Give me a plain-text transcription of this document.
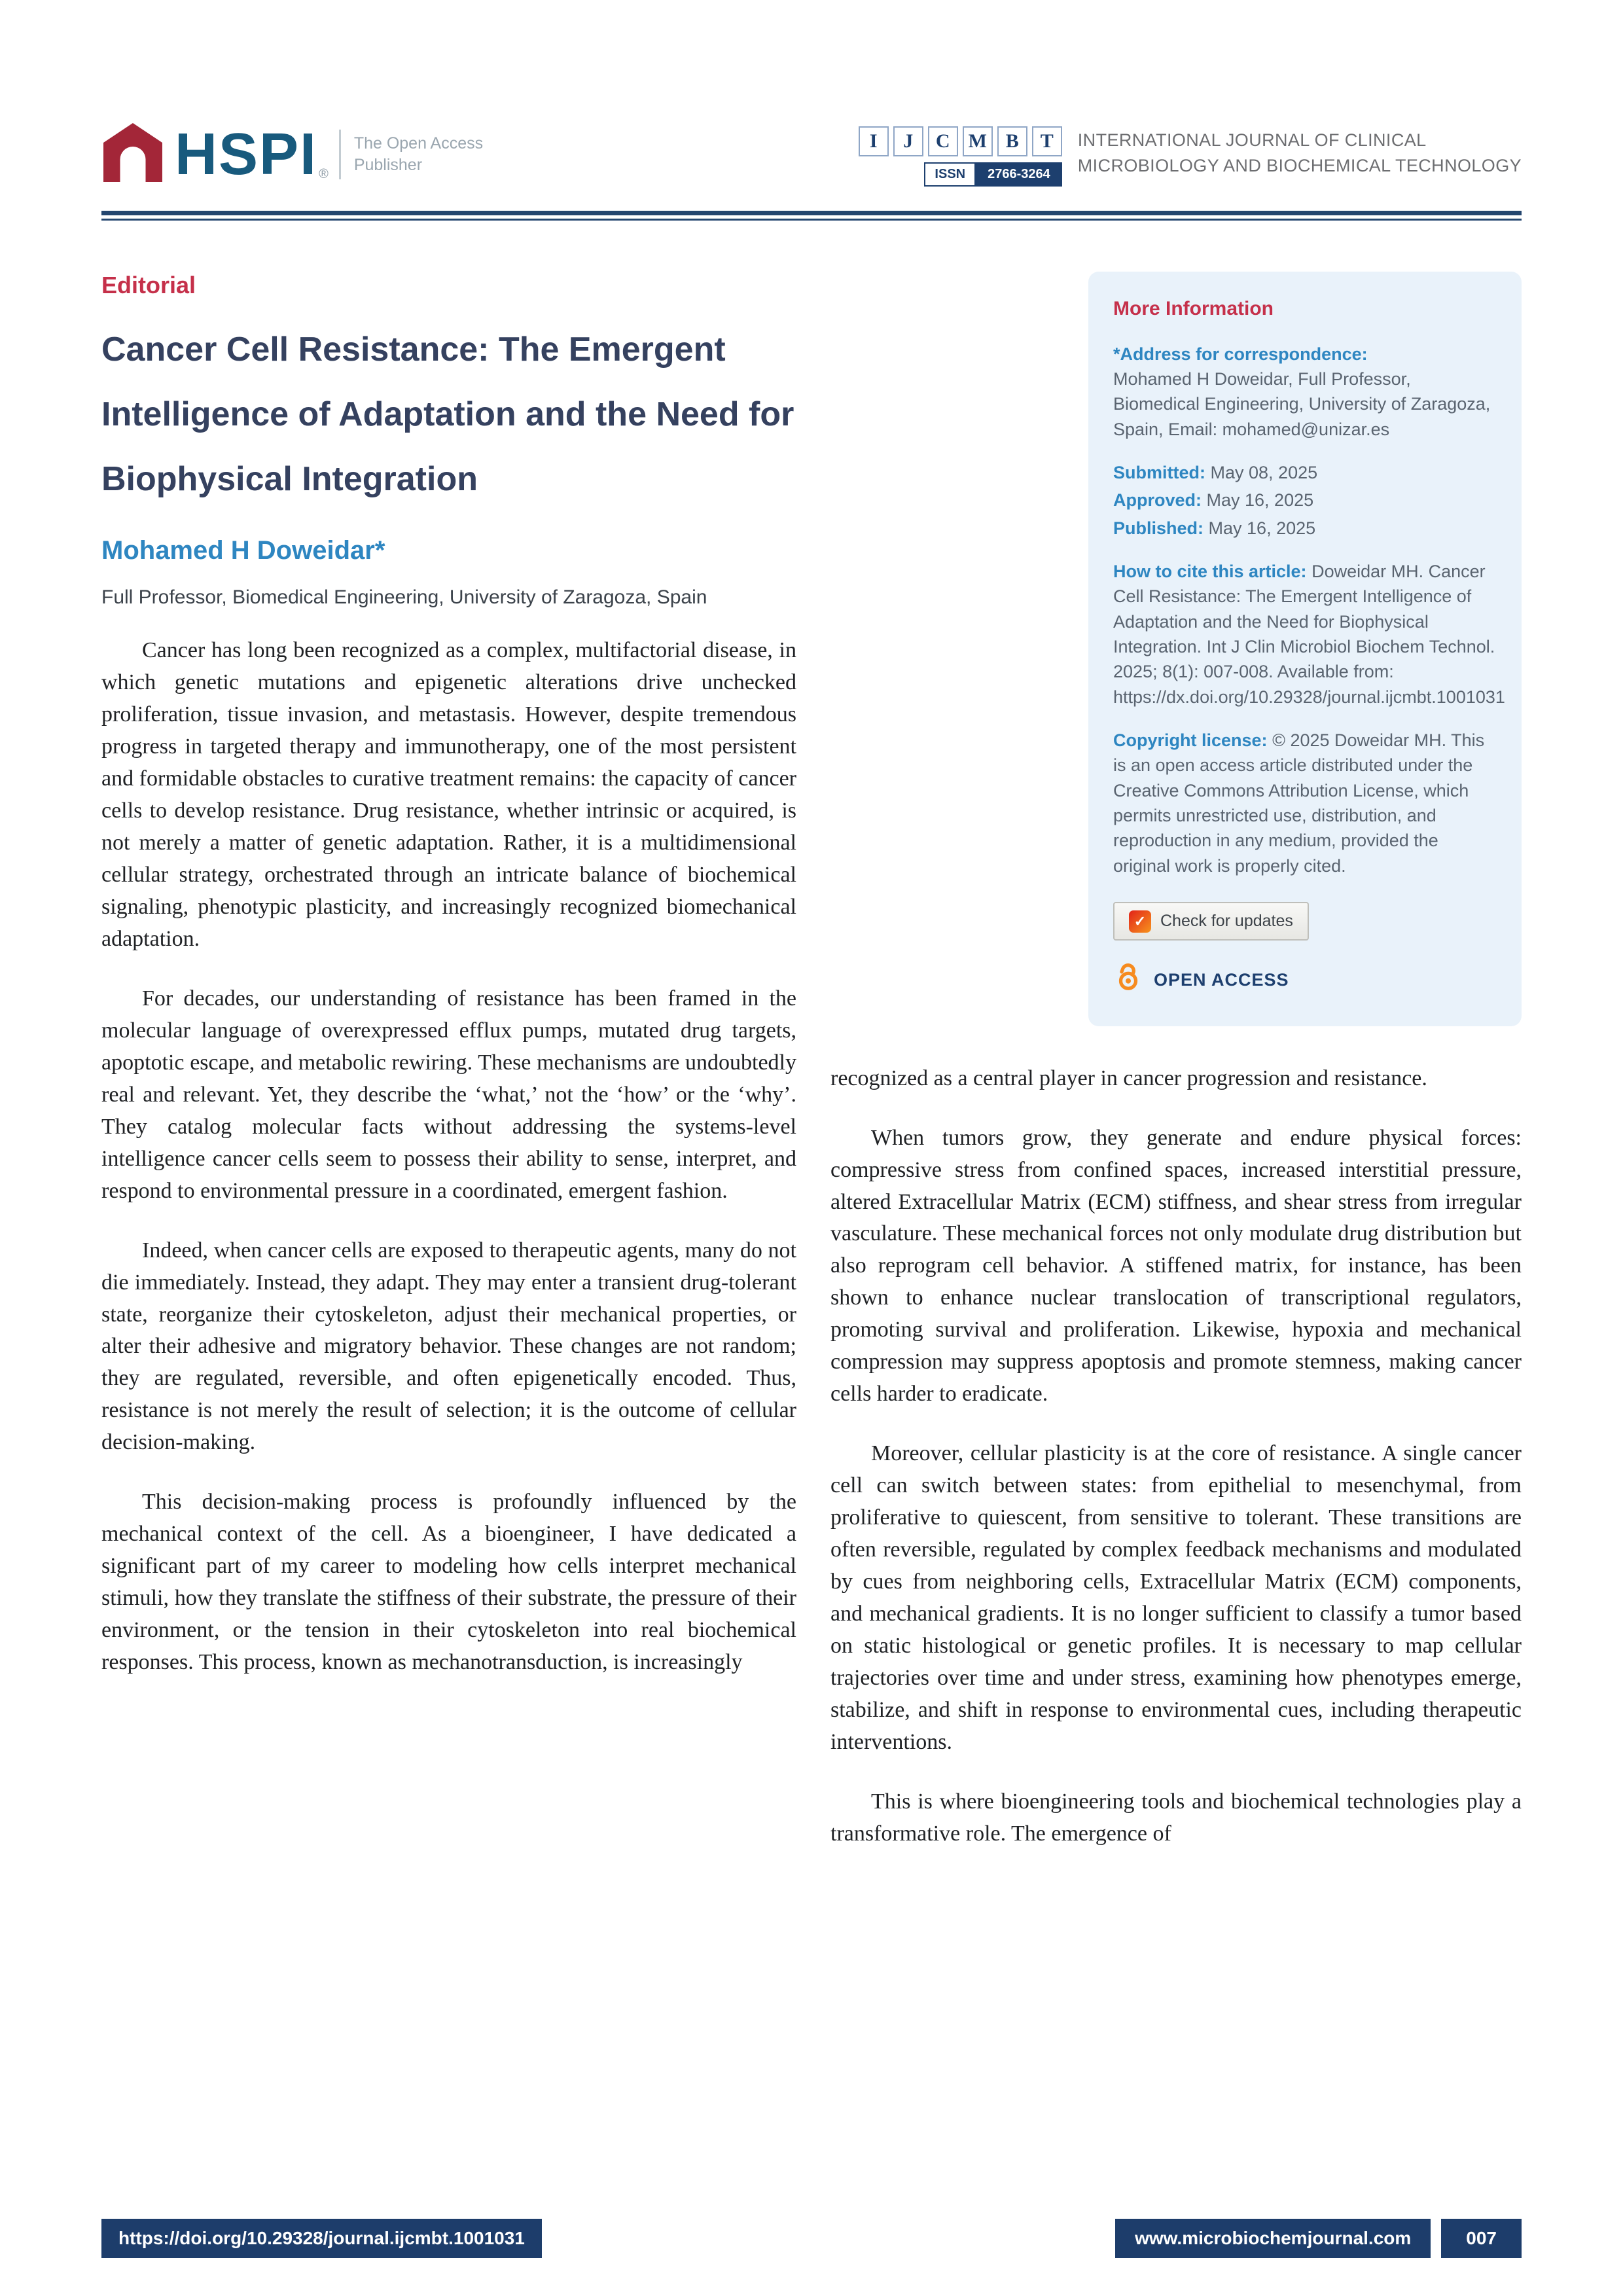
HSPI ®
The Open Access
Publisher
I	J	C M B	T
ISSN	2766-3264
INTERNATIONAL JOURNAL OF CLINICAL
MICROBIOLOGY AND BIOCHEMICAL TECHNOLOGY
Editorial
Cancer Cell Resistance: The Emergent Intelligence of Adaptation and the Need for Biophysical Integration
Mohamed H Doweidar*
Full Professor, Biomedical Engineering, University of Zaragoza, Spain

Cancer has long been recognized as a complex, multifactorial disease, in which genetic mutations and epigenetic alterations drive unchecked proliferation, tissue invasion, and metastasis. However, despite tremendous progress in targeted therapy and immunotherapy, one of the most persistent and formidable obstacles to curative treatment remains: the capacity of cancer cells to develop resistance. Drug resistance, whether intrinsic or acquired, is not merely a matter of genetic adaptation. Rather, it is a multidimensional cellular strategy, orchestrated through an intricate balance of biochemical signaling, phenotypic plasticity, and increasingly recognized biomechanical adaptation.

For decades, our understanding of resistance has been framed in the molecular language of overexpressed efflux pumps, mutated drug targets, apoptotic escape, and metabolic rewiring. These mechanisms are undoubtedly real and relevant. Yet, they describe the ‘what,’ not the ‘how’ or the ‘why’. They catalog molecular facts without addressing the systems-level intelligence cancer cells seem to possess their ability to sense, interpret, and respond to environmental pressure in a coordinated, emergent fashion.

Indeed, when cancer cells are exposed to therapeutic agents, many do not die immediately. Instead, they adapt. They may enter a transient drug-tolerant state, reorganize their cytoskeleton, adjust their mechanical properties, or alter their adhesive and migratory behavior. These changes are not random; they are regulated, reversible, and often epigenetically encoded. Thus, resistance is not merely the result of selection; it is the outcome of cellular decision-making.

This decision-making process is profoundly influenced by the mechanical context of the cell. As a bioengineer, I have dedicated a significant part of my career to modeling how cells interpret mechanical stimuli, how they translate the stiffness of their substrate, the pressure of their environment, or the tension in their cytoskeleton into real biochemical responses. This process, known as mechanotransduction, is increasingly

More Information
*Address for correspondence:
Mohamed H Doweidar, Full Professor, Biomedical Engineering, University of Zaragoza, Spain, Email: mohamed@unizar.es
Submitted: May 08, 2025
Approved: May 16, 2025
Published: May 16, 2025

How to cite this article: Doweidar MH. Cancer Cell Resistance: The Emergent Intelligence of Adaptation and the Need for Biophysical Integration. Int J Clin Microbiol Biochem Technol. 2025; 8(1): 007-008. Available from: https://dx.doi.org/10.29328/journal.ijcmbt.1001031

Copyright license: © 2025 Doweidar MH. This is an open access article distributed under the Creative Commons Attribution License, which permits unrestricted use, distribution, and reproduction in any medium, provided the original work is properly cited.

✓ Check for updates
OPEN ACCESS

recognized as a central player in cancer progression and resistance.

When tumors grow, they generate and endure physical forces: compressive stress from confined spaces, increased interstitial pressure, altered Extracellular Matrix (ECM) stiffness, and shear stress from irregular vasculature. These mechanical forces not only modulate drug distribution but also reprogram cell behavior. A stiffened matrix, for instance, has been shown to enhance nuclear translocation of transcriptional regulators, promoting survival and proliferation. Likewise, hypoxia and mechanical compression may suppress apoptosis and promote stemness, making cancer cells harder to eradicate.

Moreover, cellular plasticity is at the core of resistance. A single cancer cell can switch between states: from epithelial to mesenchymal, from proliferative to quiescent, from sensitive to tolerant. These transitions are often reversible, regulated by complex feedback mechanisms and modulated by cues from neighboring cells, Extracellular Matrix (ECM) components, and mechanical gradients. It is no longer sufficient to classify a tumor based on static histological or genetic profiles. It is necessary to map cellular trajectories over time and under stress, examining how phenotypes emerge, stabilize, and shift in response to environmental cues, including therapeutic interventions.

This is where bioengineering tools and biochemical technologies play a transformative role. The emergence of

https://doi.org/10.29328/journal.ijcmbt.1001031	www.microbiochemjournal.com	007
